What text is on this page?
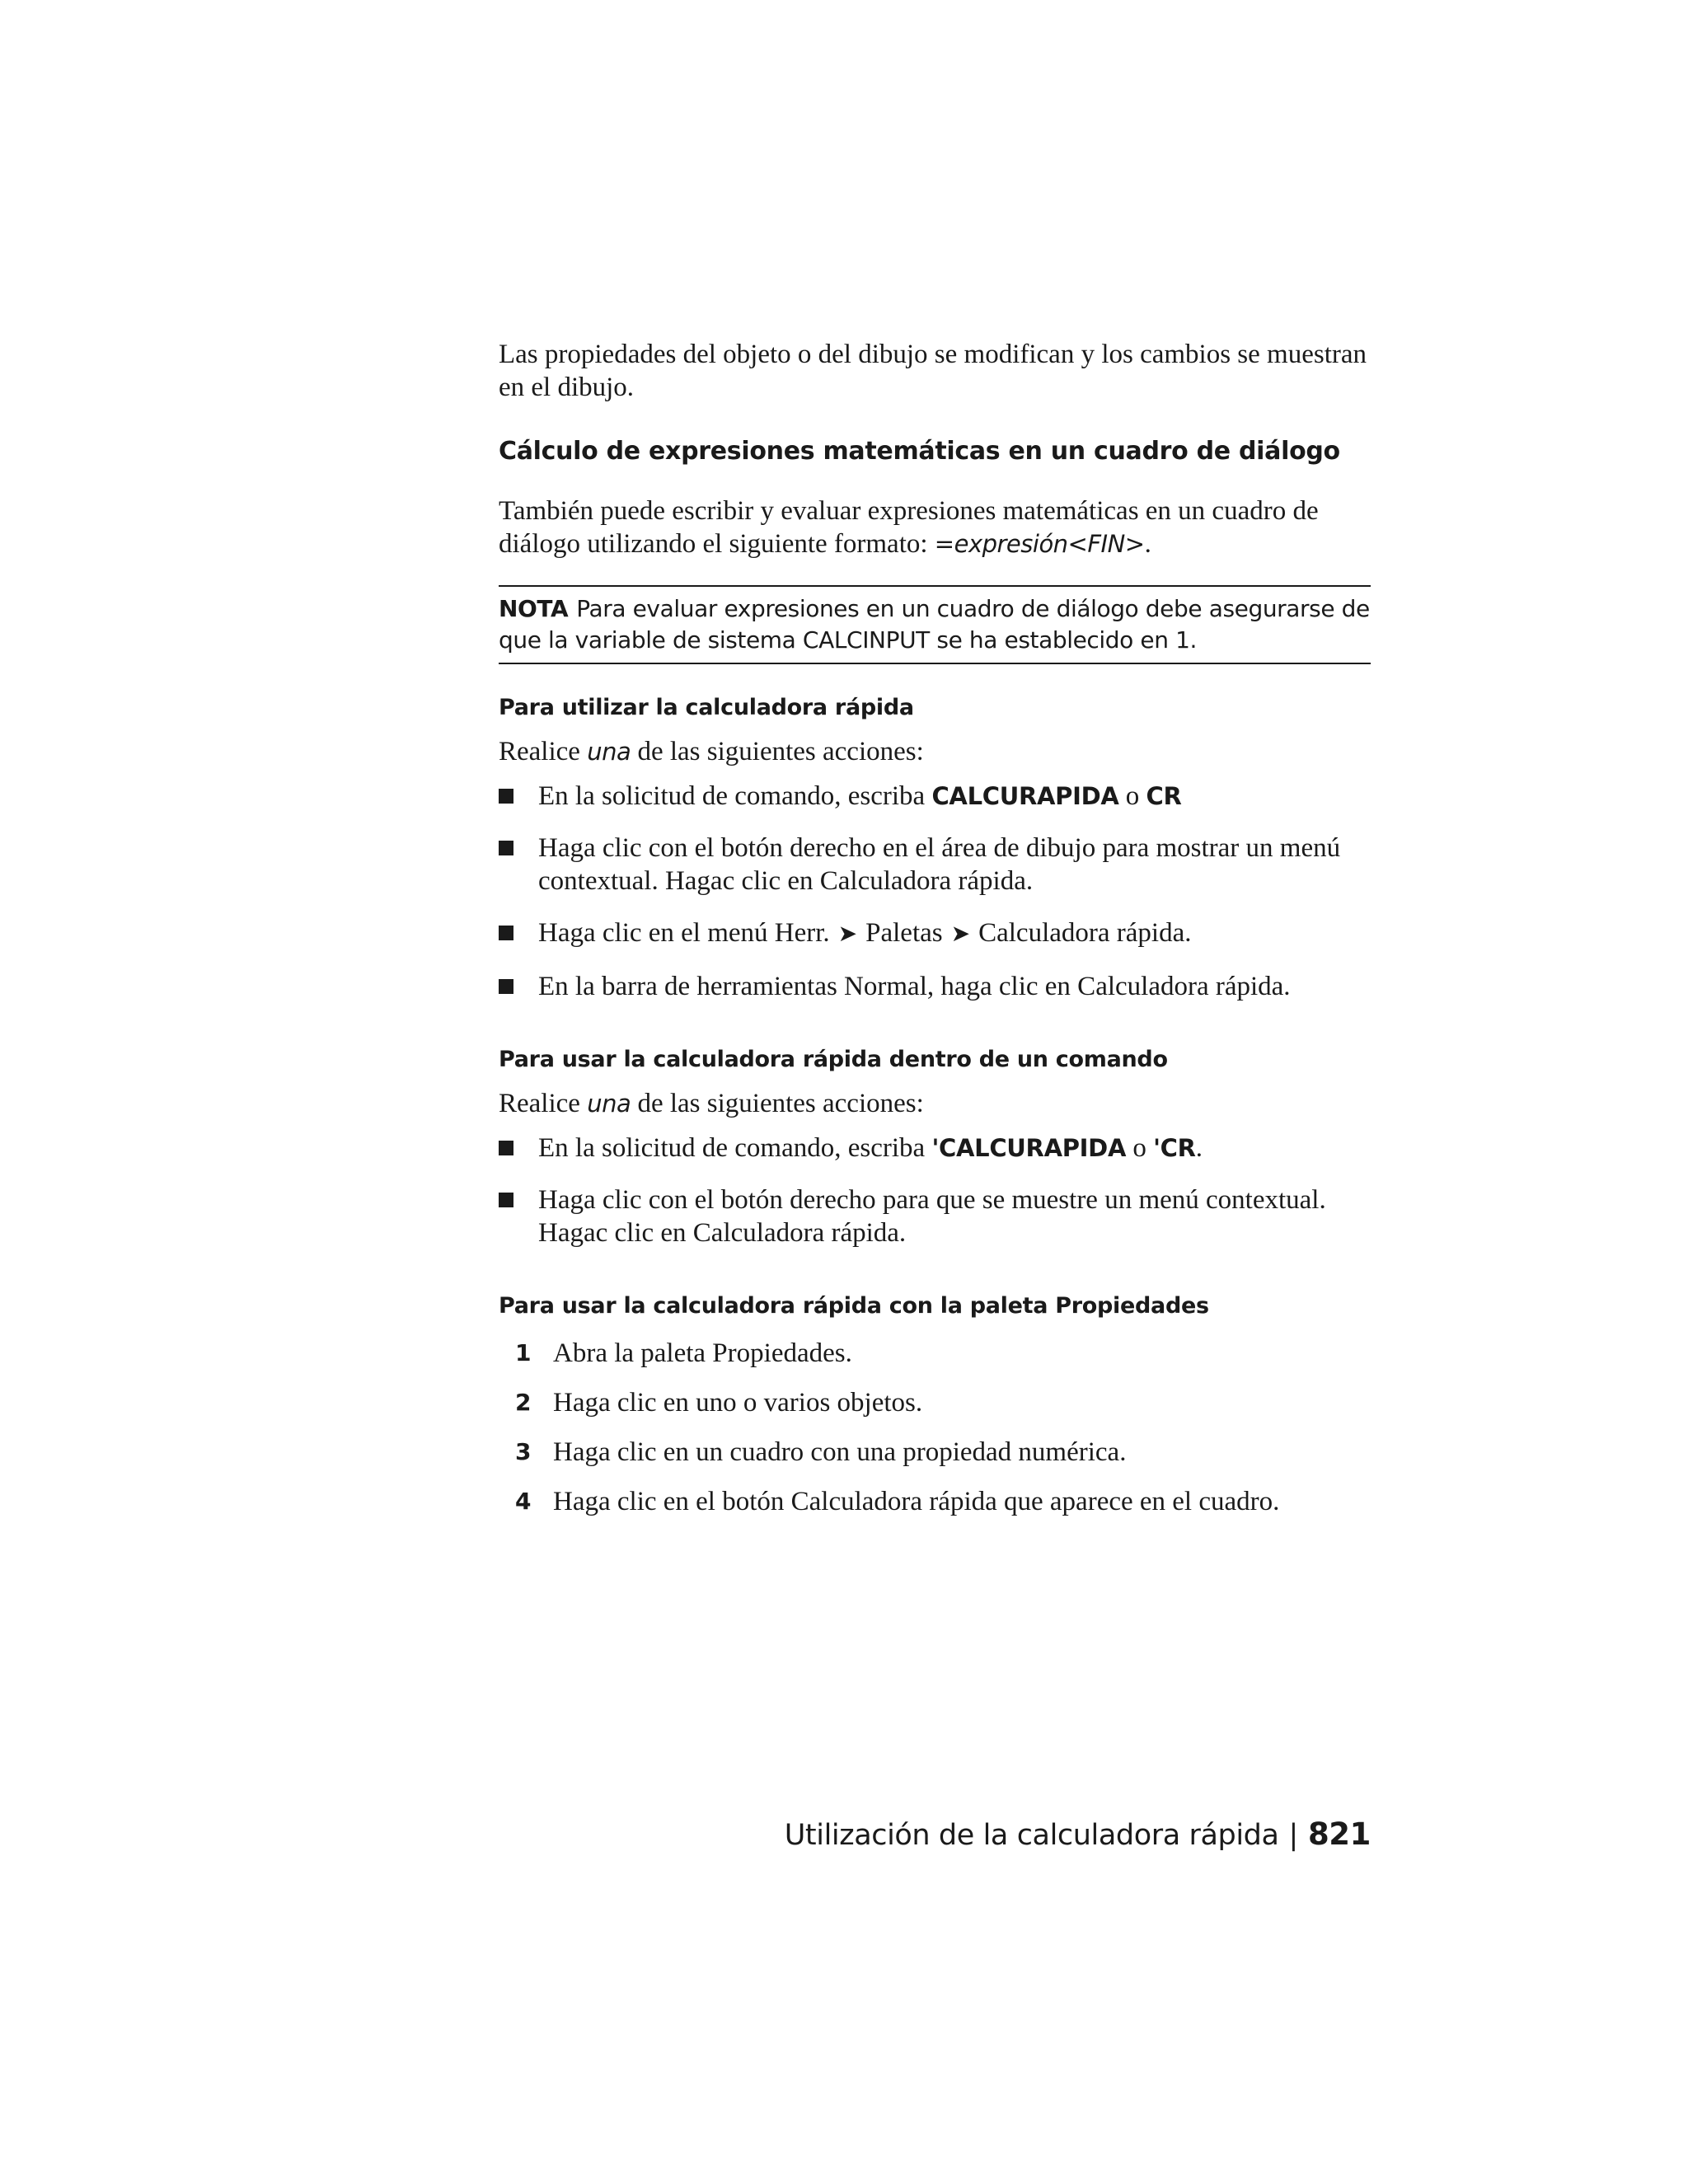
Las propiedades del objeto o del dibujo se modifican y los cambios se muestran en el dibujo.

Cálculo de expresiones matemáticas en un cuadro de diálogo

También puede escribir y evaluar expresiones matemáticas en un cuadro de diálogo utilizando el siguiente formato: =expresión<FIN>.

NOTA Para evaluar expresiones en un cuadro de diálogo debe asegurarse de que la variable de sistema CALCINPUT se ha establecido en 1.
Para utilizar la calculadora rápida

Realice una de las siguientes acciones:

En la solicitud de comando, escriba CALCURAPIDA o CR
Haga clic con el botón derecho en el área de dibujo para mostrar un menú contextual. Hagac clic en Calculadora rápida.
Haga clic en el menú Herr. ➤ Paletas ➤ Calculadora rápida.
En la barra de herramientas Normal, haga clic en Calculadora rápida.
Para usar la calculadora rápida dentro de un comando

Realice una de las siguientes acciones:

En la solicitud de comando, escriba 'CALCURAPIDA o 'CR.
Haga clic con el botón derecho para que se muestre un menú contextual. Hagac clic en Calculadora rápida.
Para usar la calculadora rápida con la paleta Propiedades
1 Abra la paleta Propiedades.
2 Haga clic en uno o varios objetos.
3 Haga clic en un cuadro con una propiedad numérica.
4 Haga clic en el botón Calculadora rápida que aparece en el cuadro.
Utilización de la calculadora rápida | 821
